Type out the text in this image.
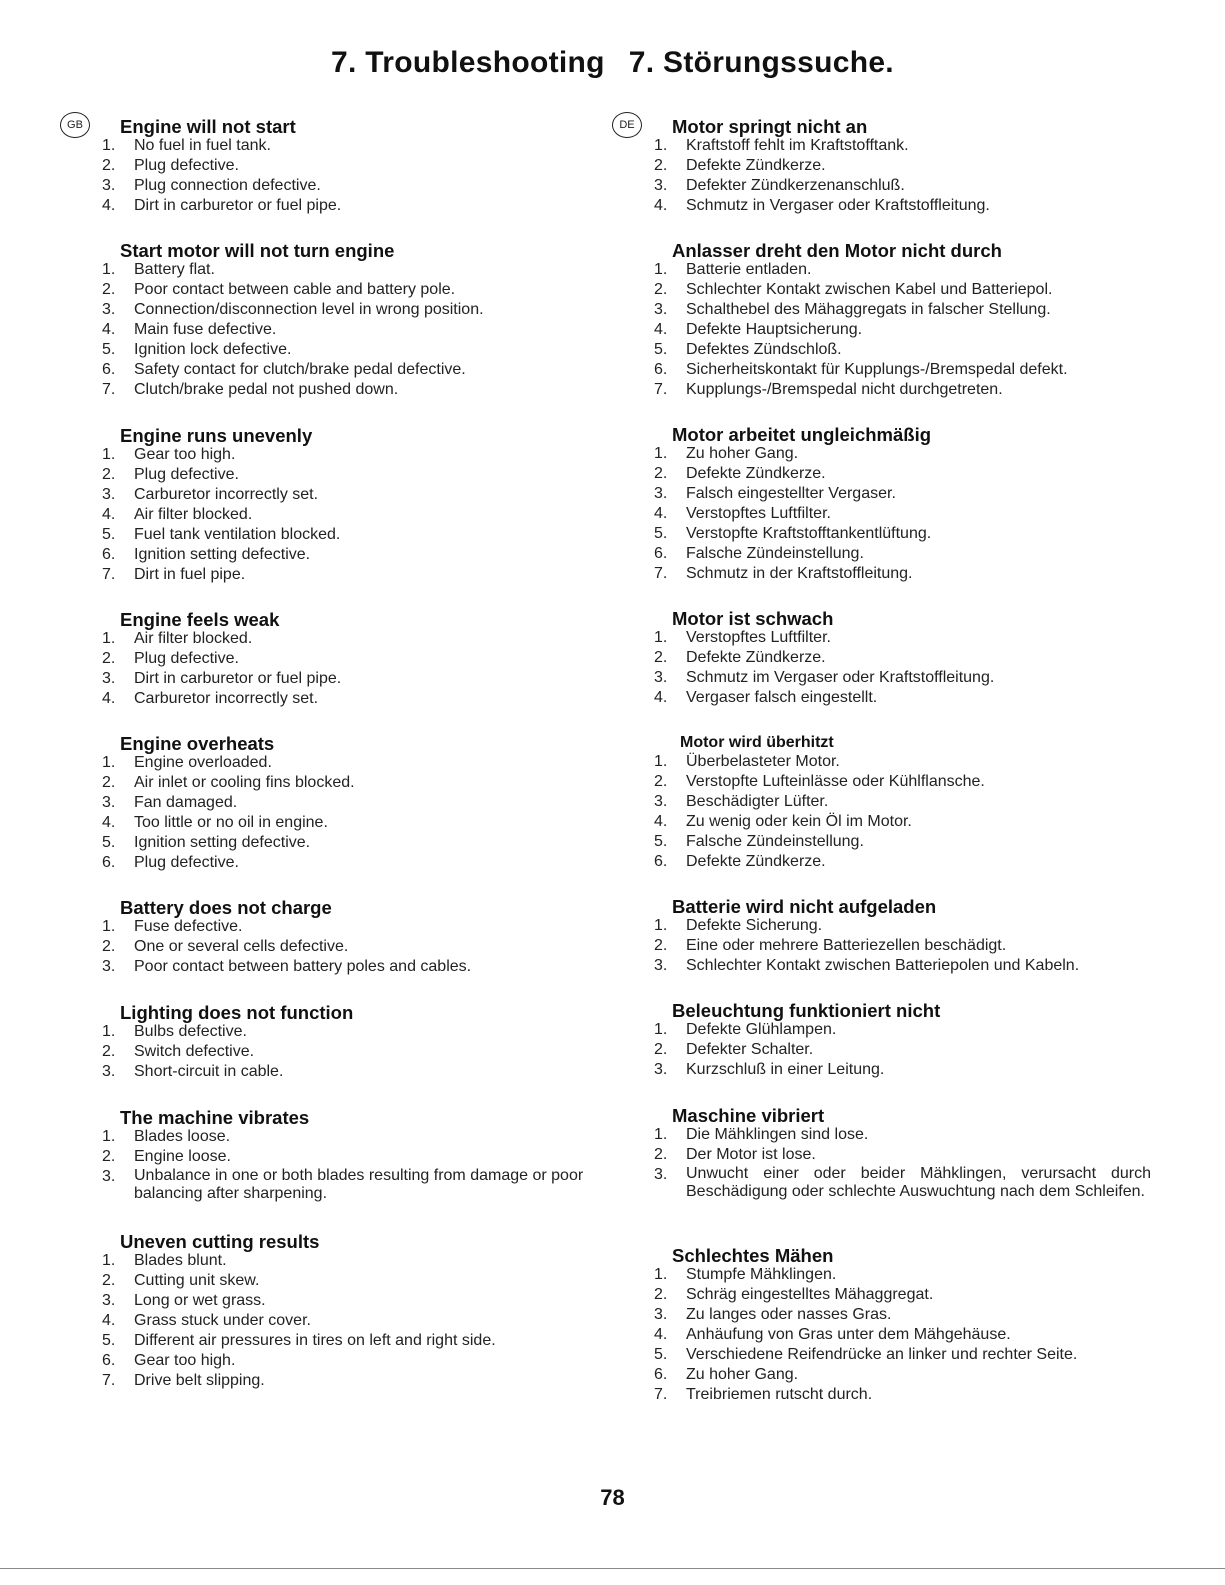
7. Troubleshooting 7. Störungssuche.
GB	Engine will not start
1. No fuel in fuel tank.
2. Plug defective.
3. Plug connection defective.
4. Dirt in carburetor or fuel pipe.
Start motor will not turn engine
1. Battery flat.
2. Poor contact between cable and battery pole.
3. Connection/disconnection level in wrong position.
4. Main fuse defective.
5. Ignition lock defective.
6. Safety contact for clutch/brake pedal defective.
7. Clutch/brake pedal not pushed down.
Engine runs unevenly
1. Gear too high.
2. Plug defective.
3. Carburetor incorrectly set.
4. Air filter blocked.
5. Fuel tank ventilation blocked.
6. Ignition setting defective.
7. Dirt in fuel pipe.
Engine feels weak
1. Air filter blocked.
2. Plug defective.
3. Dirt in carburetor or fuel pipe.
4. Carburetor incorrectly set.
Engine overheats
1. Engine overloaded.
2. Air inlet or cooling fins blocked.
3. Fan damaged.
4. Too little or no oil in engine.
5. Ignition setting defective.
6. Plug defective.
Battery does not charge
1. Fuse defective.
2. One or several cells defective.
3. Poor contact between battery poles and cables.
Lighting does not function
1. Bulbs defective.
2. Switch defective.
3. Short-circuit in cable.
The machine vibrates
1. Blades loose.
2. Engine loose.
3. Unbalance in one or both blades resulting from damage or poor balancing after sharpening.
Uneven cutting results
1. Blades blunt.
2. Cutting unit skew.
3. Long or wet grass.
4. Grass stuck under cover.
5. Different air pressures in tires on left and right side.
6. Gear too high.
7. Drive belt slipping.
DE	Motor springt nicht an
1. Kraftstoff fehlt im Kraftstofftank.
2. Defekte Zündkerze.
3. Defekter Zündkerzenanschluß.
4. Schmutz in Vergaser oder Kraftstoffleitung.
Anlasser dreht den Motor nicht durch
1. Batterie entladen.
2. Schlechter Kontakt zwischen Kabel und Batteriepol.
3. Schalthebel des Mähaggregats in falscher Stellung.
4. Defekte Hauptsicherung.
5. Defektes Zündschloß.
6. Sicherheitskontakt für Kupplungs-/Bremspedal defekt.
7. Kupplungs-/Bremspedal nicht durchgetreten.
Motor arbeitet ungleichmäßig
1. Zu hoher Gang.
2. Defekte Zündkerze.
3. Falsch eingestellter Vergaser.
4. Verstopftes Luftfilter.
5. Verstopfte Kraftstofftankentlüftung.
6. Falsche Zündeinstellung.
7. Schmutz in der Kraftstoffleitung.
Motor ist schwach
1. Verstopftes Luftfilter.
2. Defekte Zündkerze.
3. Schmutz im Vergaser oder Kraftstoffleitung.
4. Vergaser falsch eingestellt.
Motor wird überhitzt
1. Überbelasteter Motor.
2. Verstopfte Lufteinlässe oder Kühlflansche.
3. Beschädigter Lüfter.
4. Zu wenig oder kein Öl im Motor.
5. Falsche Zündeinstellung.
6. Defekte Zündkerze.
Batterie wird nicht aufgeladen
1. Defekte Sicherung.
2. Eine oder mehrere Batteriezellen beschädigt.
3. Schlechter Kontakt zwischen Batteriepolen und Kabeln.
Beleuchtung funktioniert nicht
1. Defekte Glühlampen.
2. Defekter Schalter.
3. Kurzschluß in einer Leitung.
Maschine vibriert
1. Die Mähklingen sind lose.
2. Der Motor ist lose.
3. Unwucht einer oder beider Mähklingen, verursacht durch Beschädigung oder schlechte Auswuchtung nach dem Schleifen.
Schlechtes Mähen
1. Stumpfe Mähklingen.
2. Schräg eingestelltes Mähaggregat.
3. Zu langes oder nasses Gras.
4. Anhäufung von Gras unter dem Mähgehäuse.
5. Verschiedene Reifendrücke an linker und rechter Seite.
6. Zu hoher Gang.
7. Treibriemen rutscht durch.
78
